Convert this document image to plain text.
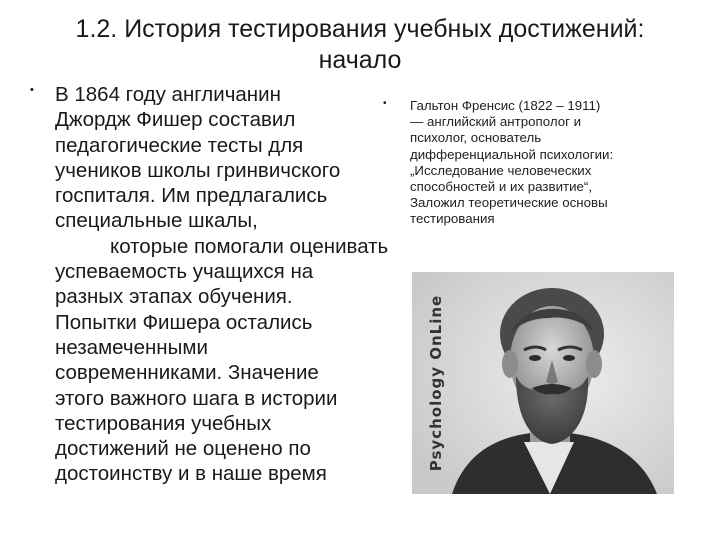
1.2. История тестирования учебных достижений:
начало
• В 1864 году англичанин
Джордж Фишер составил
педагогические тесты для
учеников школы гринвичского
госпиталя. Им предлагались
специальные шкалы,
которые помогали оценивать
успеваемость учащихся на
разных этапах обучения.
Попытки Фишера остались
незамеченными
современниками. Значение
этого важного шага в истории
тестирования учебных
достижений не оценено по
достоинству и в наше время
• Гальтон Френсис (1822 – 1911)
— английский антрополог и
психолог, основатель
дифференциальной психологии:
„Исследование человеческих
способностей и их развитие“,
Заложил теоретические основы
тестирования
Psychology OnLine
